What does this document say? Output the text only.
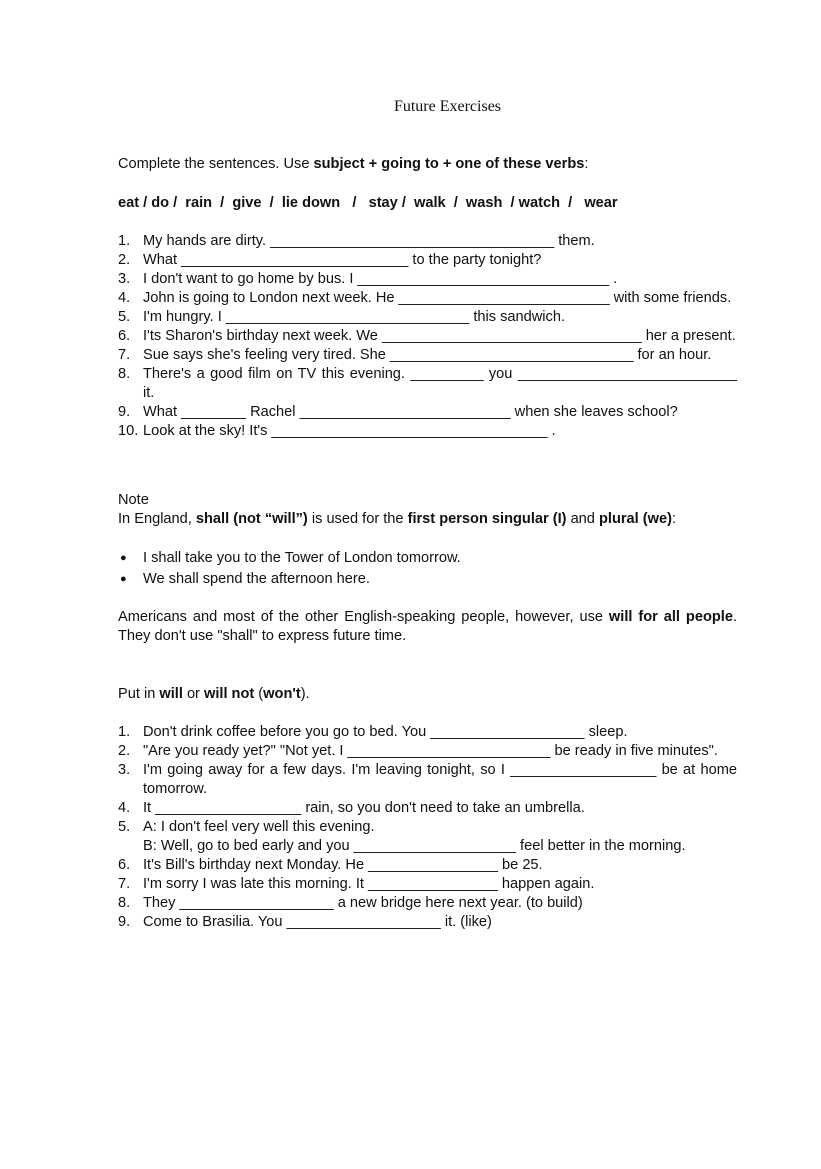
Future Exercises
Complete the sentences. Use subject + going to + one of these verbs:
eat / do /  rain  /  give  /  lie down   /   stay /  walk  /  wash  / watch  /   wear
1. My hands are dirty. ___________________________________ them.
2. What ____________________________ to the party tonight?
3. I don't want to go home by bus. I _______________________________ .
4. John is going to London next week. He __________________________ with some friends.
5. I'm hungry. I ______________________________ this sandwich.
6. I'ts Sharon's birthday next week. We ________________________________ her a present.
7. Sue says she's feeling very tired. She ______________________________ for an hour.
8. There's a good film on TV this evening. _________ you ___________________________ it.
9. What ________ Rachel __________________________ when she leaves school?
10. Look at the sky! It's __________________________________ .
Note
In England, shall (not “will”) is used for the first person singular (I) and plural (we):
● I shall take you to the Tower of London tomorrow.
● We shall spend the afternoon here.
Americans and most of the other English-speaking people, however, use will for all people. They don't use "shall" to express future time.
Put in will or will not (won't).
1. Don't drink coffee before you go to bed. You ___________________ sleep.
2. "Are you ready yet?" "Not yet. I _________________________ be ready in five minutes".
3. I'm going away for a few days. I'm leaving tonight, so I __________________ be at home tomorrow.
4. It __________________ rain, so you don't need to take an umbrella.
5. A: I don't feel very well this evening.
B: Well, go to bed early and you ____________________ feel better in the morning.
6. It's Bill's birthday next Monday. He ________________ be 25.
7. I'm sorry I was late this morning. It ________________ happen again.
8. They ___________________ a new bridge here next year. (to build)
9. Come to Brasilia. You ___________________ it. (like)
